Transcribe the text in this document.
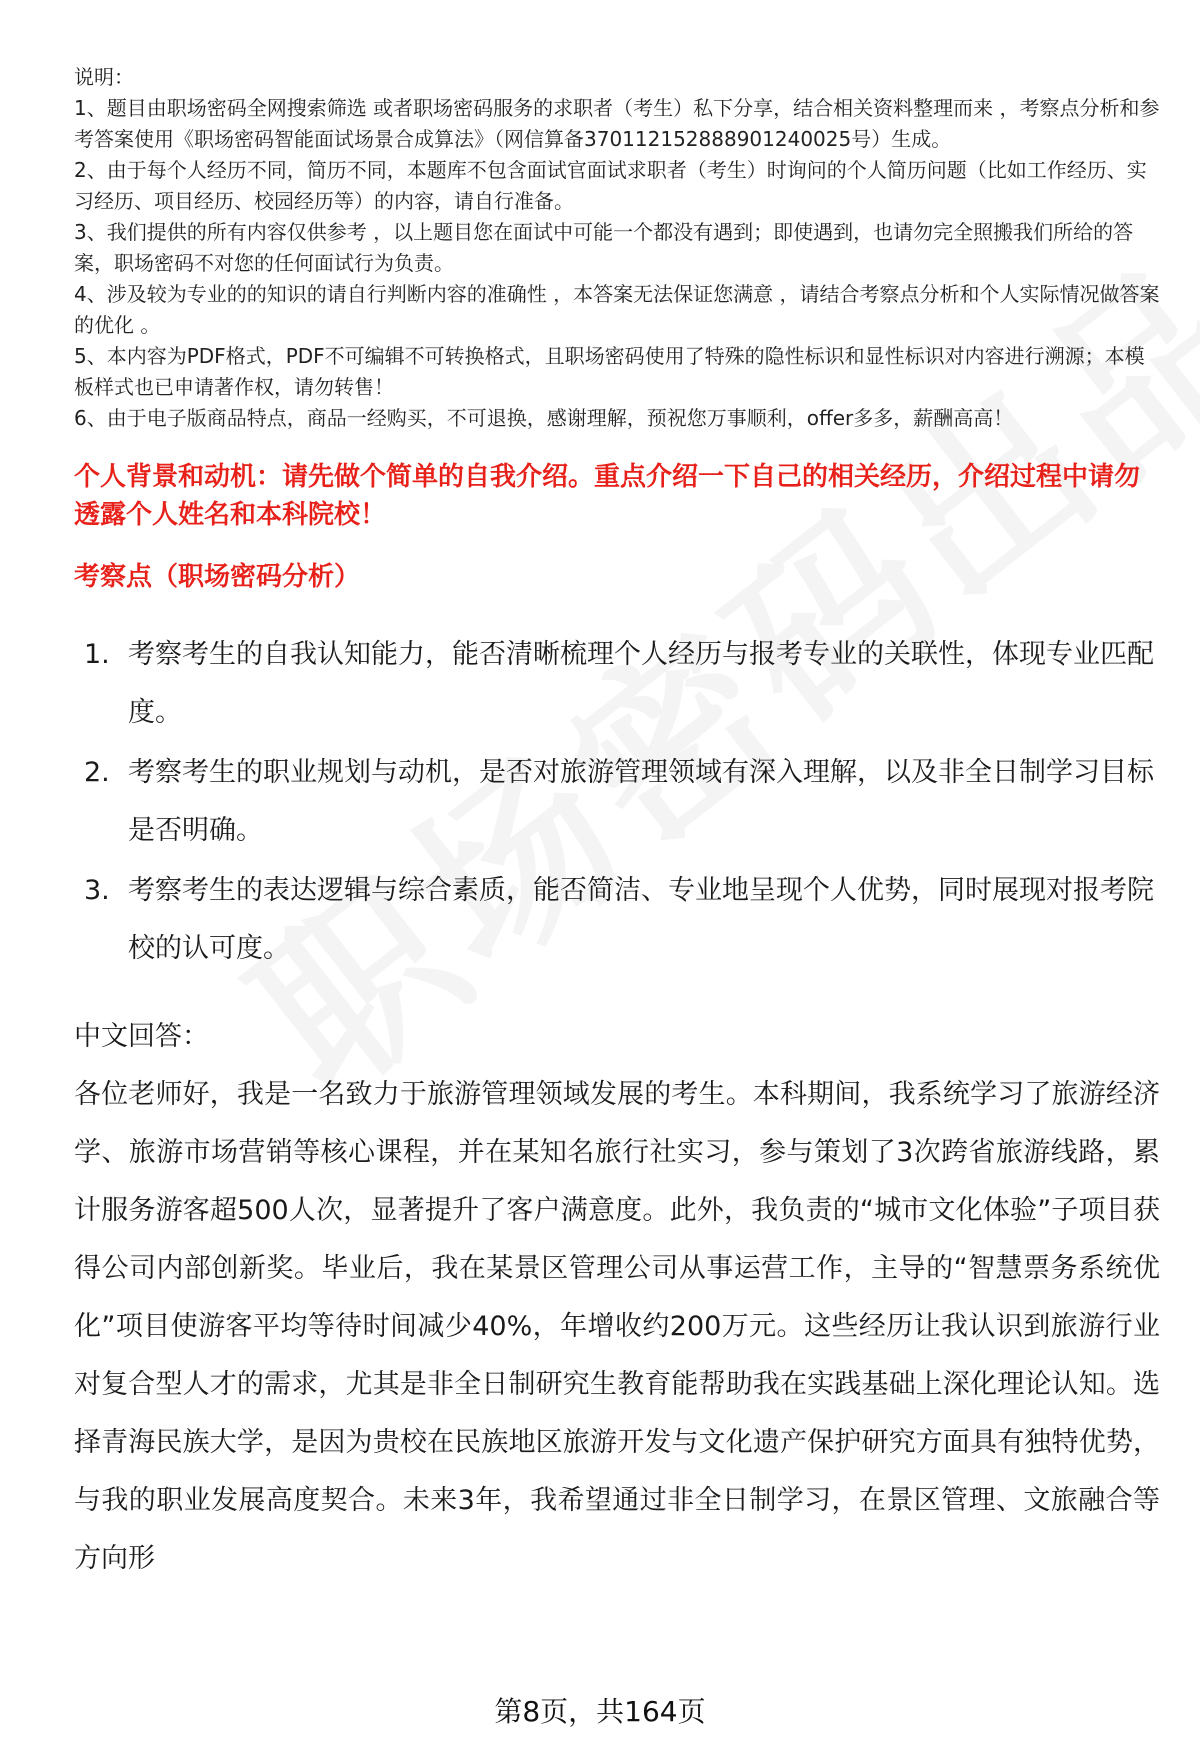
说明：

1、题目由职场密码全网搜索筛选 或者职场密码服务的求职者（考生）私下分享，结合相关资料整理而来 ，考察点分析和参考答案使用《职场密码智能面试场景合成算法》（网信算备370112152888901240025号）生成。

2、由于每个人经历不同，简历不同，本题库不包含面试官面试求职者（考生）时询问的个人简历问题（比如工作经历、实习经历、项目经历、校园经历等）的内容，请自行准备。

3、我们提供的所有内容仅供参考 ，以上题目您在面试中可能一个都没有遇到；即使遇到，也请勿完全照搬我们所给的答案，职场密码不对您的任何面试行为负责。

4、涉及较为专业的的知识的请自行判断内容的准确性 ，本答案无法保证您满意 ，请结合考察点分析和个人实际情况做答案的优化 。

5、本内容为PDF格式，PDF不可编辑不可转换格式，且职场密码使用了特殊的隐性标识和显性标识对内容进行溯源；本模板样式也已申请著作权，请勿转售！

6、由于电子版商品特点，商品一经购买，不可退换，感谢理解，预祝您万事顺利，offer多多，薪酬高高！

个人背景和动机：请先做个简单的自我介绍。重点介绍一下自己的相关经历，介绍过程中请勿透露个人姓名和本科院校！

考察点（职场密码分析）

1. 考察考生的自我认知能力，能否清晰梳理个人经历与报考专业的关联性，体现专业匹配度。
2. 考察考生的职业规划与动机，是否对旅游管理领域有深入理解，以及非全日制学习目标是否明确。
3. 考察考生的表达逻辑与综合素质，能否简洁、专业地呈现个人优势，同时展现对报考院校的认可度。

中文回答：

各位老师好，我是一名致力于旅游管理领域发展的考生。本科期间，我系统学习了旅游经济学、旅游市场营销等核心课程，并在某知名旅行社实习，参与策划了3次跨省旅游线路，累计服务游客超500人次，显著提升了客户满意度。此外，我负责的“城市文化体验”子项目获得公司内部创新奖。毕业后，我在某景区管理公司从事运营工作，主导的“智慧票务系统优化”项目使游客平均等待时间减少40%，年增收约200万元。这些经历让我认识到旅游行业对复合型人才的需求，尤其是非全日制研究生教育能帮助我在实践基础上深化理论认知。选择青海民族大学，是因为贵校在民族地区旅游开发与文化遗产保护研究方面具有独特优势，与我的职业发展高度契合。未来3年，我希望通过非全日制学习，在景区管理、文旅融合等方向形

第8页，共164页
